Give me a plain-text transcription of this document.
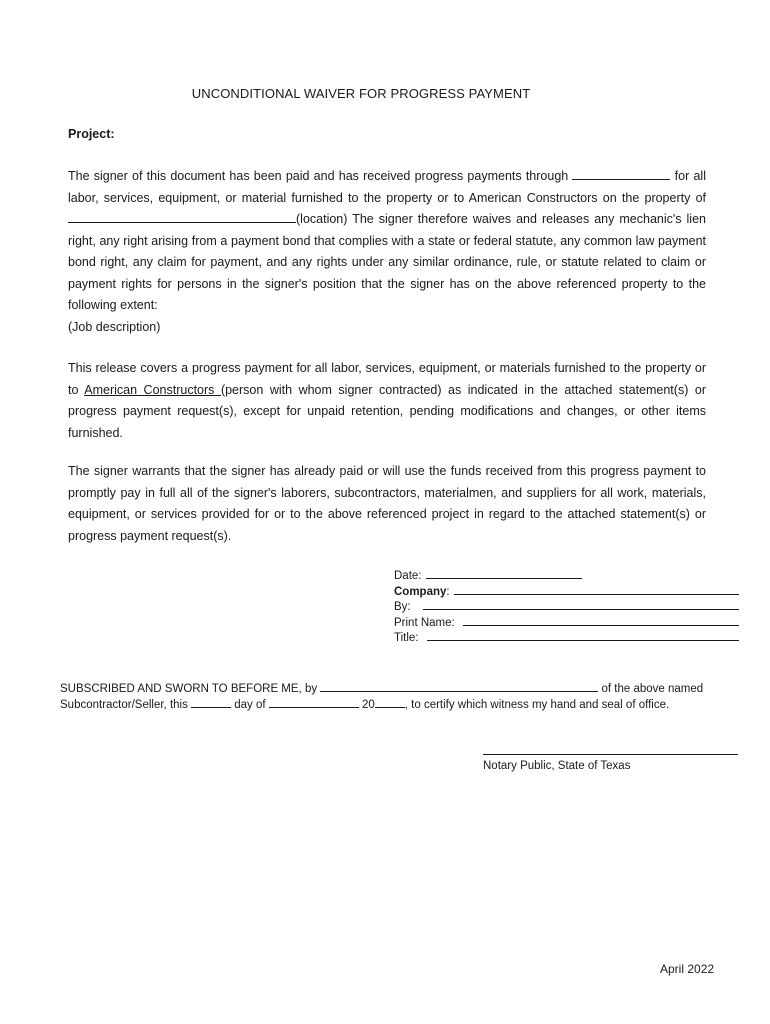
UNCONDITIONAL WAIVER FOR PROGRESS PAYMENT
Project:
The signer of this document has been paid and has received progress payments through	for all labor, services, equipment, or material furnished to the property or to American Constructors on the property of (location) The signer therefore waives and releases any mechanic's lien right, any right arising from a payment bond that complies with a state or federal statute, any common law payment bond right, any claim for payment, and any rights under any similar ordinance, rule, or statute related to claim or payment rights for persons in the signer's position that the signer has on the above referenced property to the following extent:
(Job description)
This release covers a progress payment for all labor, services, equipment, or materials furnished to the property or to American Constructors (person with whom signer contracted) as indicated in the attached statement(s) or progress payment request(s), except for unpaid retention, pending modifications and changes, or other items furnished.
The signer warrants that the signer has already paid or will use the funds received from this progress payment to promptly pay in full all of the signer's laborers, subcontractors, materialmen, and suppliers for all work, materials, equipment, or services provided for or to the above referenced project in regard to the attached statement(s) or progress payment request(s).
Date:
Company :
By:
Print Name:
Title:
SUBSCRIBED AND SWORN TO BEFORE ME, by	of the above named
Subcontractor/Seller, this	day of	20	, to certify which witness my hand and seal of office.
Notary Public, State of Texas
April 2022
